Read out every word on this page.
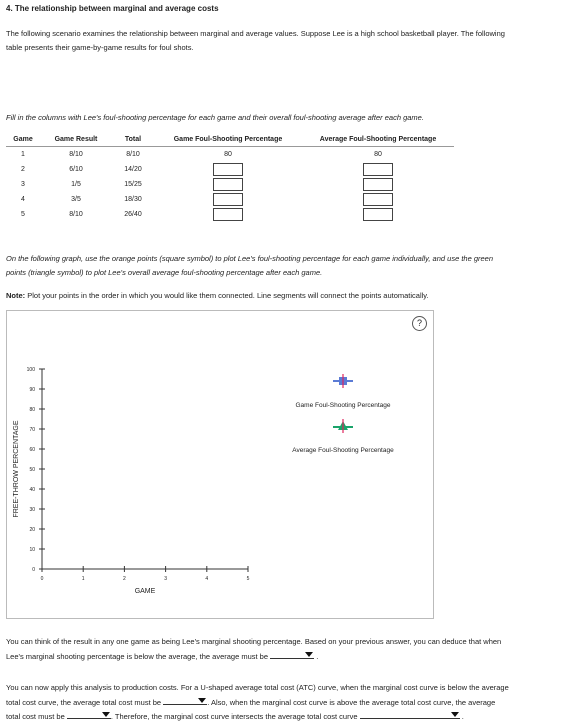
4. The relationship between marginal and average costs
The following scenario examines the relationship between marginal and average values. Suppose Lee is a high school basketball player. The following
table presents their game-by-game results for foul shots.
Fill in the columns with Lee's foul-shooting percentage for each game and their overall foul-shooting average after each game.
Game	Game Result	Total	Game Foul-Shooting Percentage	Average Foul-Shooting Percentage
1	8/10	8/10	80	80
2	6/10	14/20		
3	1/5	15/25		
4	3/5	18/30		
5	8/10	26/40		
On the following graph, use the orange points (square symbol) to plot Lee's foul-shooting percentage for each game individually, and use the green
points (triangle symbol) to plot Lee's overall average foul-shooting percentage after each game.
Note: Plot your points in the order in which you would like them connected. Line segments will connect the points automatically.
?
0
10
20
30
40
50
60
70
80
90
100
0	1	2	3	4	5
FREE-THROW PERCENTAGE
GAME
Game Foul-Shooting Percentage
Average Foul-Shooting Percentage
You can think of the result in any one game as being Lee's marginal shooting percentage. Based on your previous answer, you can deduce that when
Lee's marginal shooting percentage is below the average, the average must be	.
You can now apply this analysis to production costs. For a U-shaped average total cost (ATC) curve, when the marginal cost curve is below the average
total cost curve, the average total cost must be	. Also, when the marginal cost curve is above the average total cost curve, the average
total cost must be	. Therefore, the marginal cost curve intersects the average total cost curve	.
